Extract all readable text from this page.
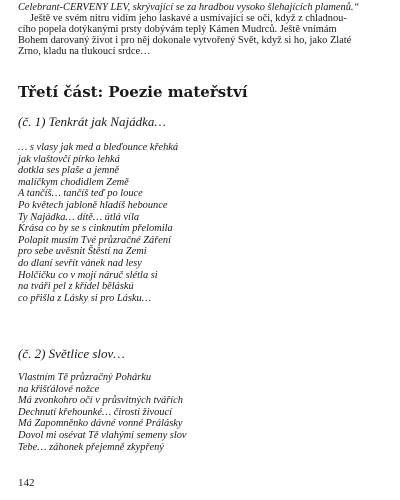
Celebrant-ČERVENÝ LEV, skrývající se za hradbou vysoko šlehajících plamenů.“
Ještě ve svém nitru vidím jeho laskavé a usmívající se oči, když z chladnou-
cího popela dotýkanými prsty dobývám teplý Kámen Mudrců. Ještě vnímám
Bohem darovaný život i pro něj dokonale vytvořený Svět, když si ho, jako Zlaté
Zrno, kladu na tlukoucí srdce…
Třetí část: Poezie mateřství
(č. 1) Tenkrát jak Najádka…
… s vlasy jak med a bleďounce křehká
jak vlaštovčí pírko lehká
dotkla ses plaše a jemně
malíčkym chodidlem Země
A tančíš… tančíš teď po louce
Po květech jabloně hladíš hebounce
Ty Najádka… dítě… útlá víla
Krása co by se s cinknutím přelomila
Polapit musím Tvé průzračné Záření
pro sebe uvěsnit Štěstí na Zemi
do dlaní sevřít vánek nad lesy
Holčičku co v mojí náruč slétla si
na tváři pel z křídel běláskú
co přišla z Lásky si pro Lásku…
(č. 2) Světlice slov…
Vlastním Tě průzračný Pohárku
na křišťálové nožce
Má zvonkohro očí v průsvitných tvářích
Dechnutí křehounké… čirosti živoucí
Má Zapomněnko dávné vonné Prálásky
Dovol mi osévat Tě vlahými semeny slov
Tebe… záhonek přejemně zkypřený
142
